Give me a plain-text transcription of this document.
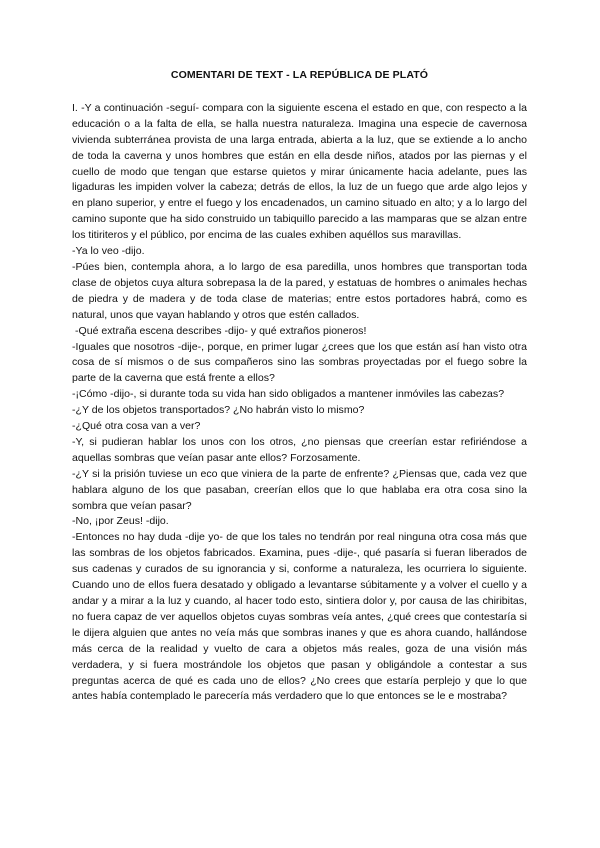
COMENTARI DE TEXT - LA REPÚBLICA DE PLATÓ

I. -Y a continuación -seguí- compara con la siguiente escena el estado en que, con respecto a la educación o a la falta de ella, se halla nuestra naturaleza. Imagina una especie de cavernosa vivienda subterránea provista de una larga entrada, abierta a la luz, que se extiende a lo ancho de toda la caverna y unos hombres que están en ella desde niños, atados por las piernas y el cuello de modo que tengan que estarse quietos y mirar únicamente hacia adelante, pues las ligaduras les impiden volver la cabeza; detrás de ellos, la luz de un fuego que arde algo lejos y en plano superior, y entre el fuego y los encadenados, un camino situado en alto; y a lo largo del camino suponte que ha sido construido un tabiquillo parecido a las mamparas que se alzan entre los titiriteros y el público, por encima de las cuales exhiben aquéllos sus maravillas.

-Ya lo veo -dijo.

-Púes bien, contempla ahora, a lo largo de esa paredilla, unos hombres que transportan toda clase de objetos cuya altura sobrepasa la de la pared, y estatuas de hombres o animales hechas de piedra y de madera y de toda clase de materias; entre estos portadores habrá, como es natural, unos que vayan hablando y otros que estén callados.

-Qué extraña escena describes -dijo- y qué extraños pioneros!

-Iguales que nosotros -dije-, porque, en primer lugar ¿crees que los que están así han visto otra cosa de sí mismos o de sus compañeros sino las sombras proyectadas por el fuego sobre la parte de la caverna que está frente a ellos?

-¡Cómo -dijo-, si durante toda su vida han sido obligados a mantener inmóviles las cabezas?

-¿Y de los objetos transportados? ¿No habrán visto lo mismo?

-¿Qué otra cosa van a ver?

-Y, si pudieran hablar los unos con los otros, ¿no piensas que creerían estar refiriéndose a aquellas sombras que veían pasar ante ellos? Forzosamente.

-¿Y si la prisión tuviese un eco que viniera de la parte de enfrente? ¿Piensas que, cada vez que hablara alguno de los que pasaban, creerían ellos que lo que hablaba era otra cosa sino la sombra que veían pasar?

-No, ¡por Zeus! -dijo.

-Entonces no hay duda -dije yo- de que los tales no tendrán por real ninguna otra cosa más que las sombras de los objetos fabricados. Examina, pues -dije-, qué pasaría si fueran liberados de sus cadenas y curados de su ignorancia y si, conforme a naturaleza, les ocurriera lo siguiente. Cuando uno de ellos fuera desatado y obligado a levantarse súbitamente y a volver el cuello y a andar y a mirar a la luz y cuando, al hacer todo esto, sintiera dolor y, por causa de las chiribitas, no fuera capaz de ver aquellos objetos cuyas sombras veía antes, ¿qué crees que contestaría si le dijera alguien que antes no veía más que sombras inanes y que es ahora cuando, hallándose más cerca de la realidad y vuelto de cara a objetos más reales, goza de una visión más verdadera, y si fuera mostrándole los objetos que pasan y obligándole a contestar a sus preguntas acerca de qué es cada uno de ellos? ¿No crees que estaría perplejo y que lo que antes había contemplado le parecería más verdadero que lo que entonces se le e mostraba?
